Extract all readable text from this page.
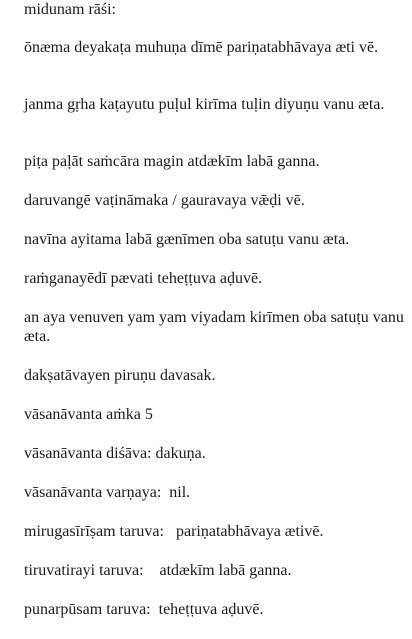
midunam rāśi:

ōnæma deyakaṭa muhuṇa dīmē pariṇatabhāvaya æti vē.

janma gṛha kaṭayutu puḷul kirīma tuḷin diyuṇu vanu æta.

piṭa paḷāt saṁcāra magin atdækīm labā ganna.

daruvangē vaṭināmaka / gauravaya vǣḍi vē.

navīna ayitama labā gænīmen oba satuṭu vanu æta.

raṁganayēdī pævati teheṭṭuva aḍuvē.

an aya venuven yam yam viyadam kirīmen oba satuṭu vanu æta.

dakṣatāvayen piruṇu davasak.

vāsanāvanta aṁka 5

vāsanāvanta diśāva: dakuṇa.

vāsanāvanta varṇaya:  nil.

mirugasīrīṣam taruva:   pariṇatabhāvaya ætivē.

tiruvatirayi taruva:    atdækīm labā ganna.

punarpūsam taruva:  teheṭṭuva aḍuvē.
